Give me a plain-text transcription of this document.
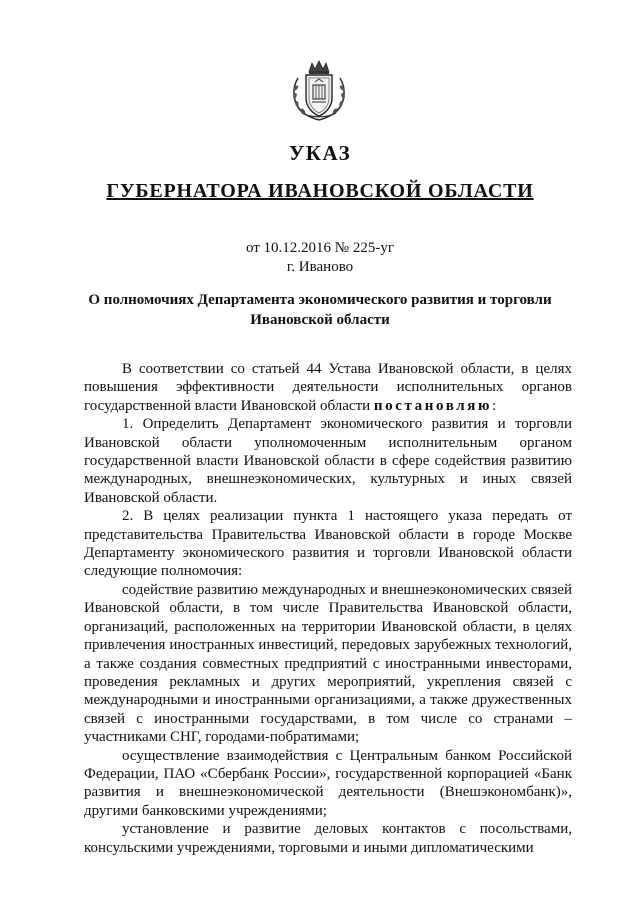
УКАЗ
ГУБЕРНАТОРА ИВАНОВСКОЙ ОБЛАСТИ
от 10.12.2016 № 225-уг
г. Иваново

О полномочиях Департамента экономического развития и торговли Ивановской области

В соответствии со статьей 44 Устава Ивановской области, в целях повышения эффективности деятельности исполнительных органов государственной власти Ивановской области постановляю:

1. Определить Департамент экономического развития и торговли Ивановской области уполномоченным исполнительным органом государственной власти Ивановской области в сфере содействия развитию международных, внешнеэкономических, культурных и иных связей Ивановской области.

2. В целях реализации пункта 1 настоящего указа передать от представительства Правительства Ивановской области в городе Москве Департаменту экономического развития и торговли Ивановской области следующие полномочия:

содействие развитию международных и внешнеэкономических связей Ивановской области, в том числе Правительства Ивановской области, организаций, расположенных на территории Ивановской области, в целях привлечения иностранных инвестиций, передовых зарубежных технологий, а также создания совместных предприятий с иностранными инвесторами, проведения рекламных и других мероприятий, укрепления связей с международными и иностранными организациями, а также дружественных связей с иностранными государствами, в том числе со странами – участниками СНГ, городами-побратимами;

осуществление взаимодействия с Центральным банком Российской Федерации, ПАО «Сбербанк России», государственной корпорацией «Банк развития и внешнеэкономической деятельности (Внешэкономбанк)», другими банковскими учреждениями;

установление и развитие деловых контактов с посольствами, консульскими учреждениями, торговыми и иными дипломатическими
